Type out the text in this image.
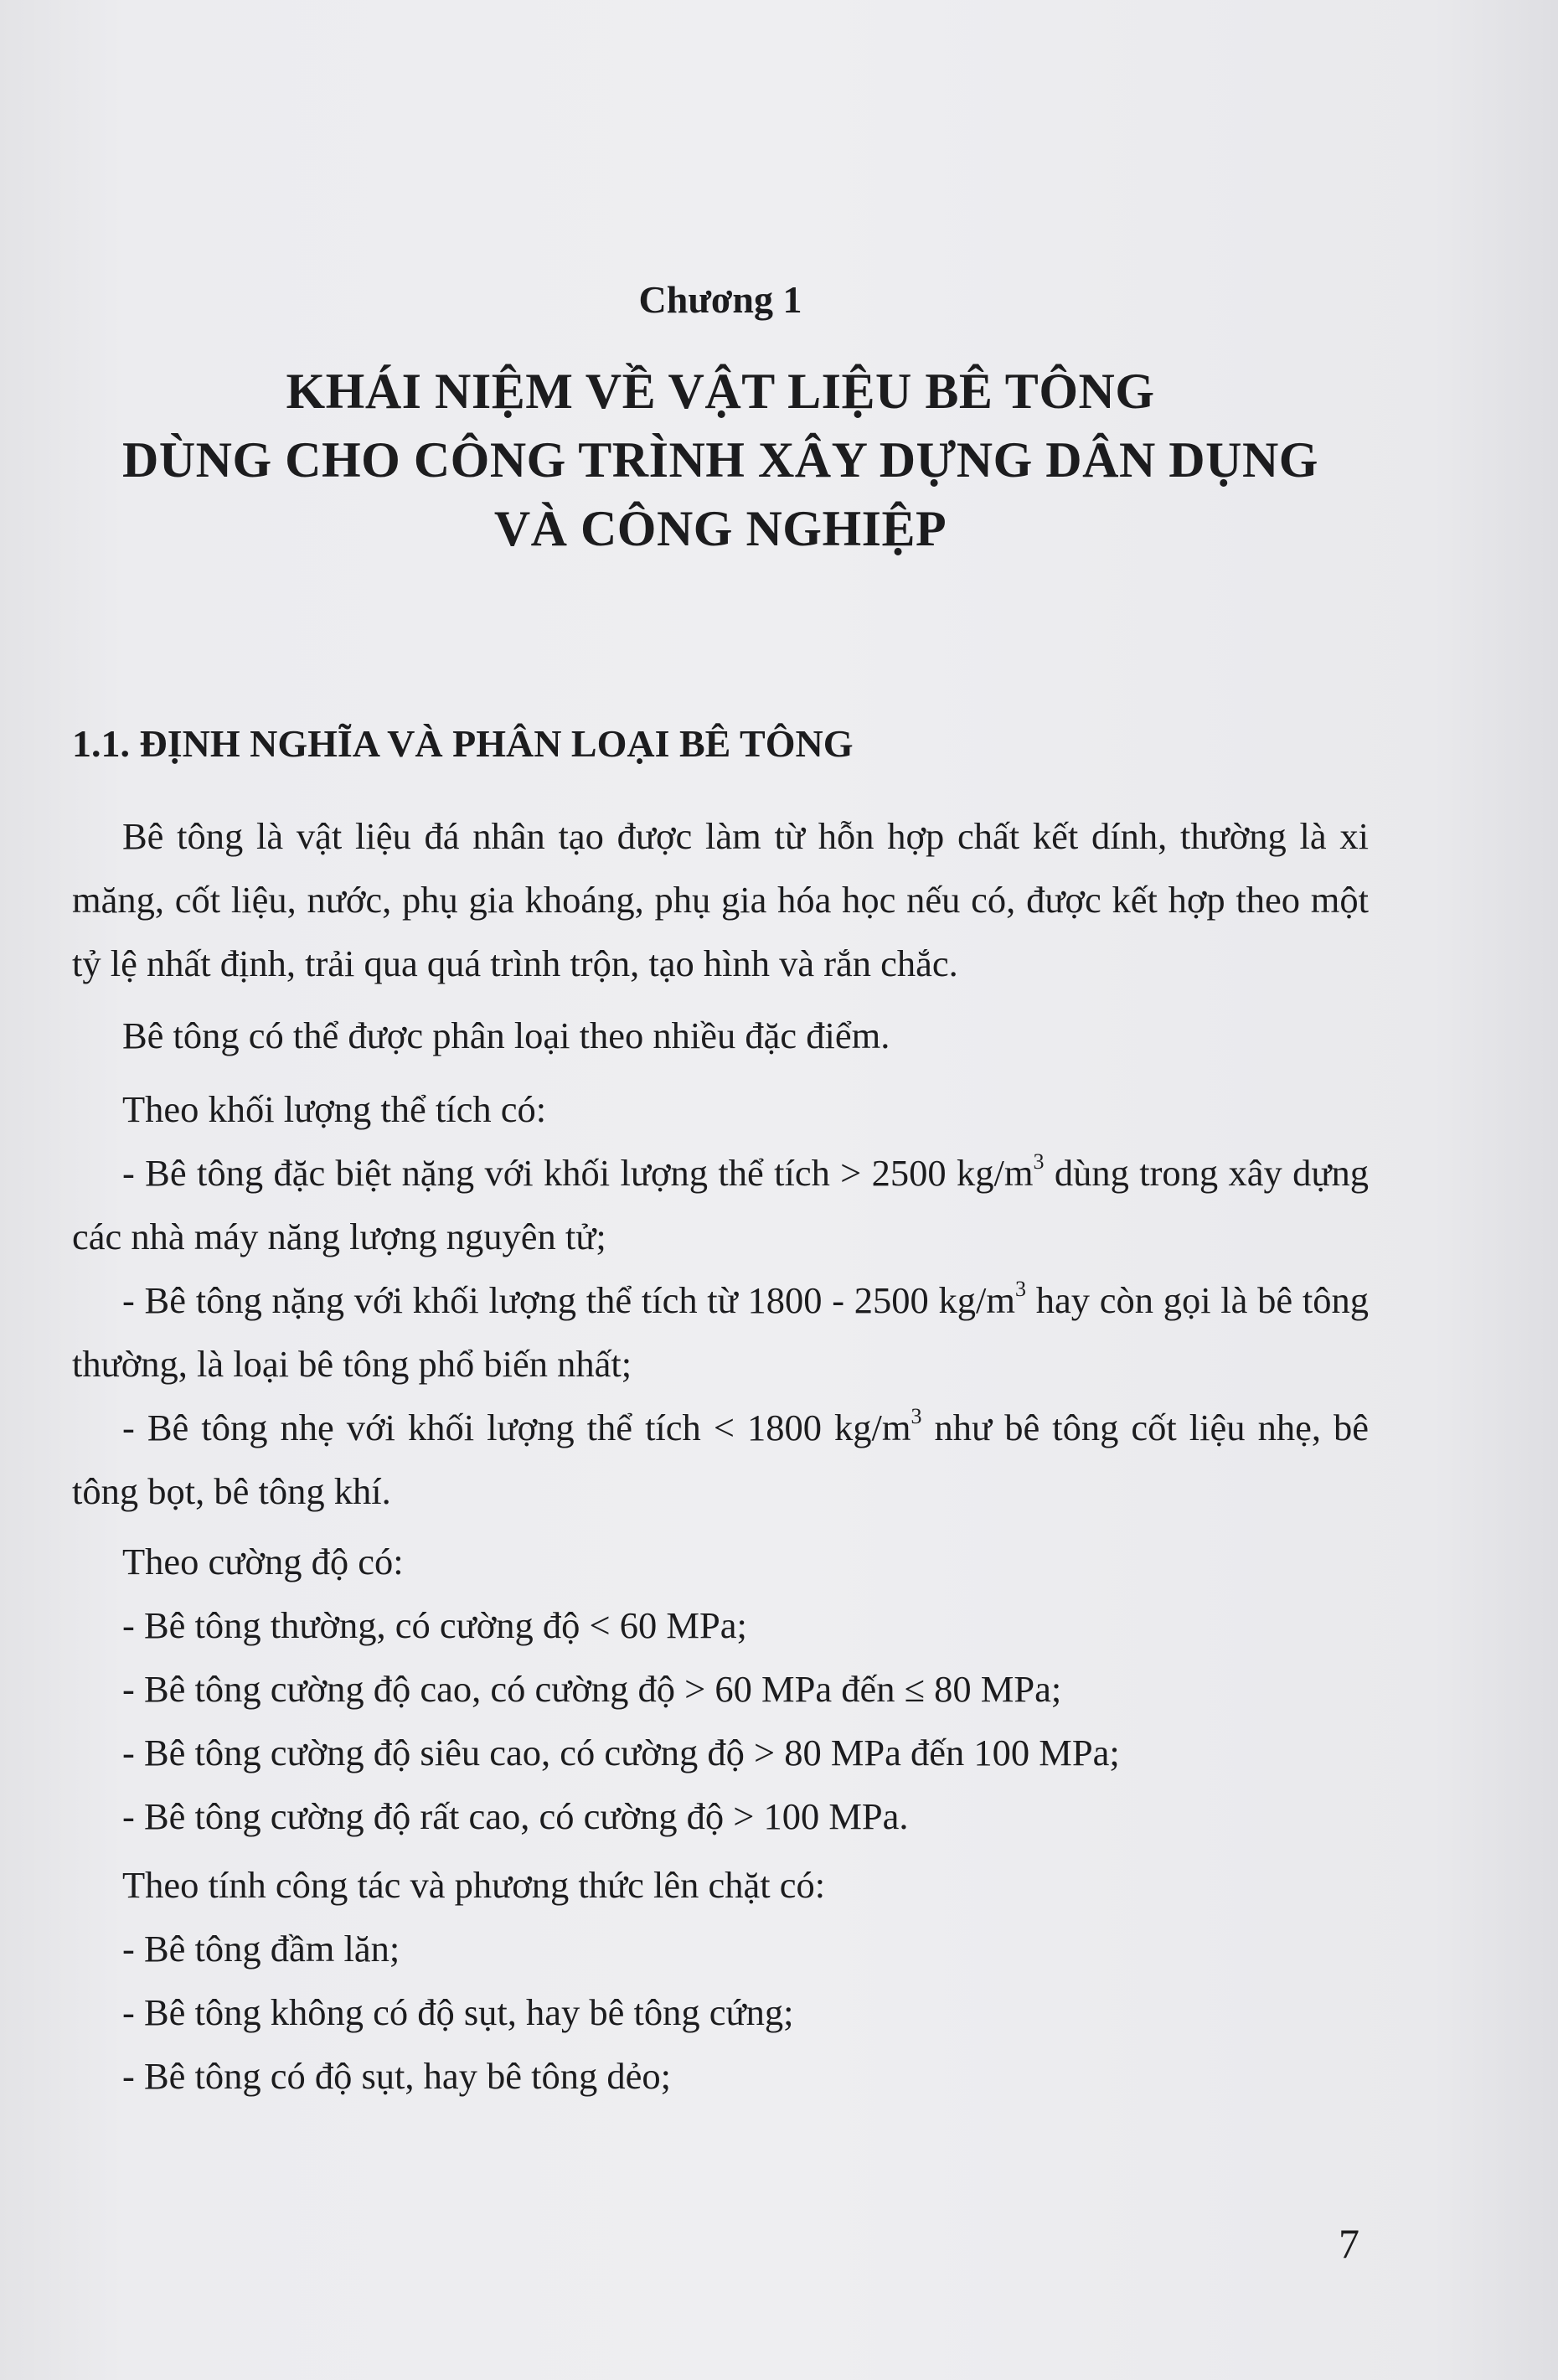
Chương 1
KHÁI NIỆM VỀ VẬT LIỆU BÊ TÔNG
DÙNG CHO CÔNG TRÌNH XÂY DỰNG DÂN DỤNG
VÀ CÔNG NGHIỆP
1.1. ĐỊNH NGHĨA VÀ PHÂN LOẠI BÊ TÔNG

Bê tông là vật liệu đá nhân tạo được làm từ hỗn hợp chất kết dính, thường là xi măng, cốt liệu, nước, phụ gia khoáng, phụ gia hóa học nếu có, được kết hợp theo một tỷ lệ nhất định, trải qua quá trình trộn, tạo hình và rắn chắc.

Bê tông có thể được phân loại theo nhiều đặc điểm.
Theo khối lượng thể tích có:

- Bê tông đặc biệt nặng với khối lượng thể tích > 2500 $kg/m^3$ dùng trong xây dựng các nhà máy năng lượng nguyên tử;

- Bê tông nặng với khối lượng thể tích từ 1800 - 2500 $kg/m^3$ hay còn gọi là bê tông thường, là loại bê tông phổ biến nhất;

- Bê tông nhẹ với khối lượng thể tích < 1800 $kg/m^3$ như bê tông cốt liệu nhẹ, bê tông bọt, bê tông khí.

Theo cường độ có:
- Bê tông thường, có cường độ < 60 MPa;
- Bê tông cường độ cao, có cường độ > 60 MPa đến ≤ 80 MPa;
- Bê tông cường độ siêu cao, có cường độ > 80 MPa đến 100 MPa;
- Bê tông cường độ rất cao, có cường độ > 100 MPa.
Theo tính công tác và phương thức lên chặt có:
- Bê tông đầm lăn;
- Bê tông không có độ sụt, hay bê tông cứng;
- Bê tông có độ sụt, hay bê tông dẻo;
7
